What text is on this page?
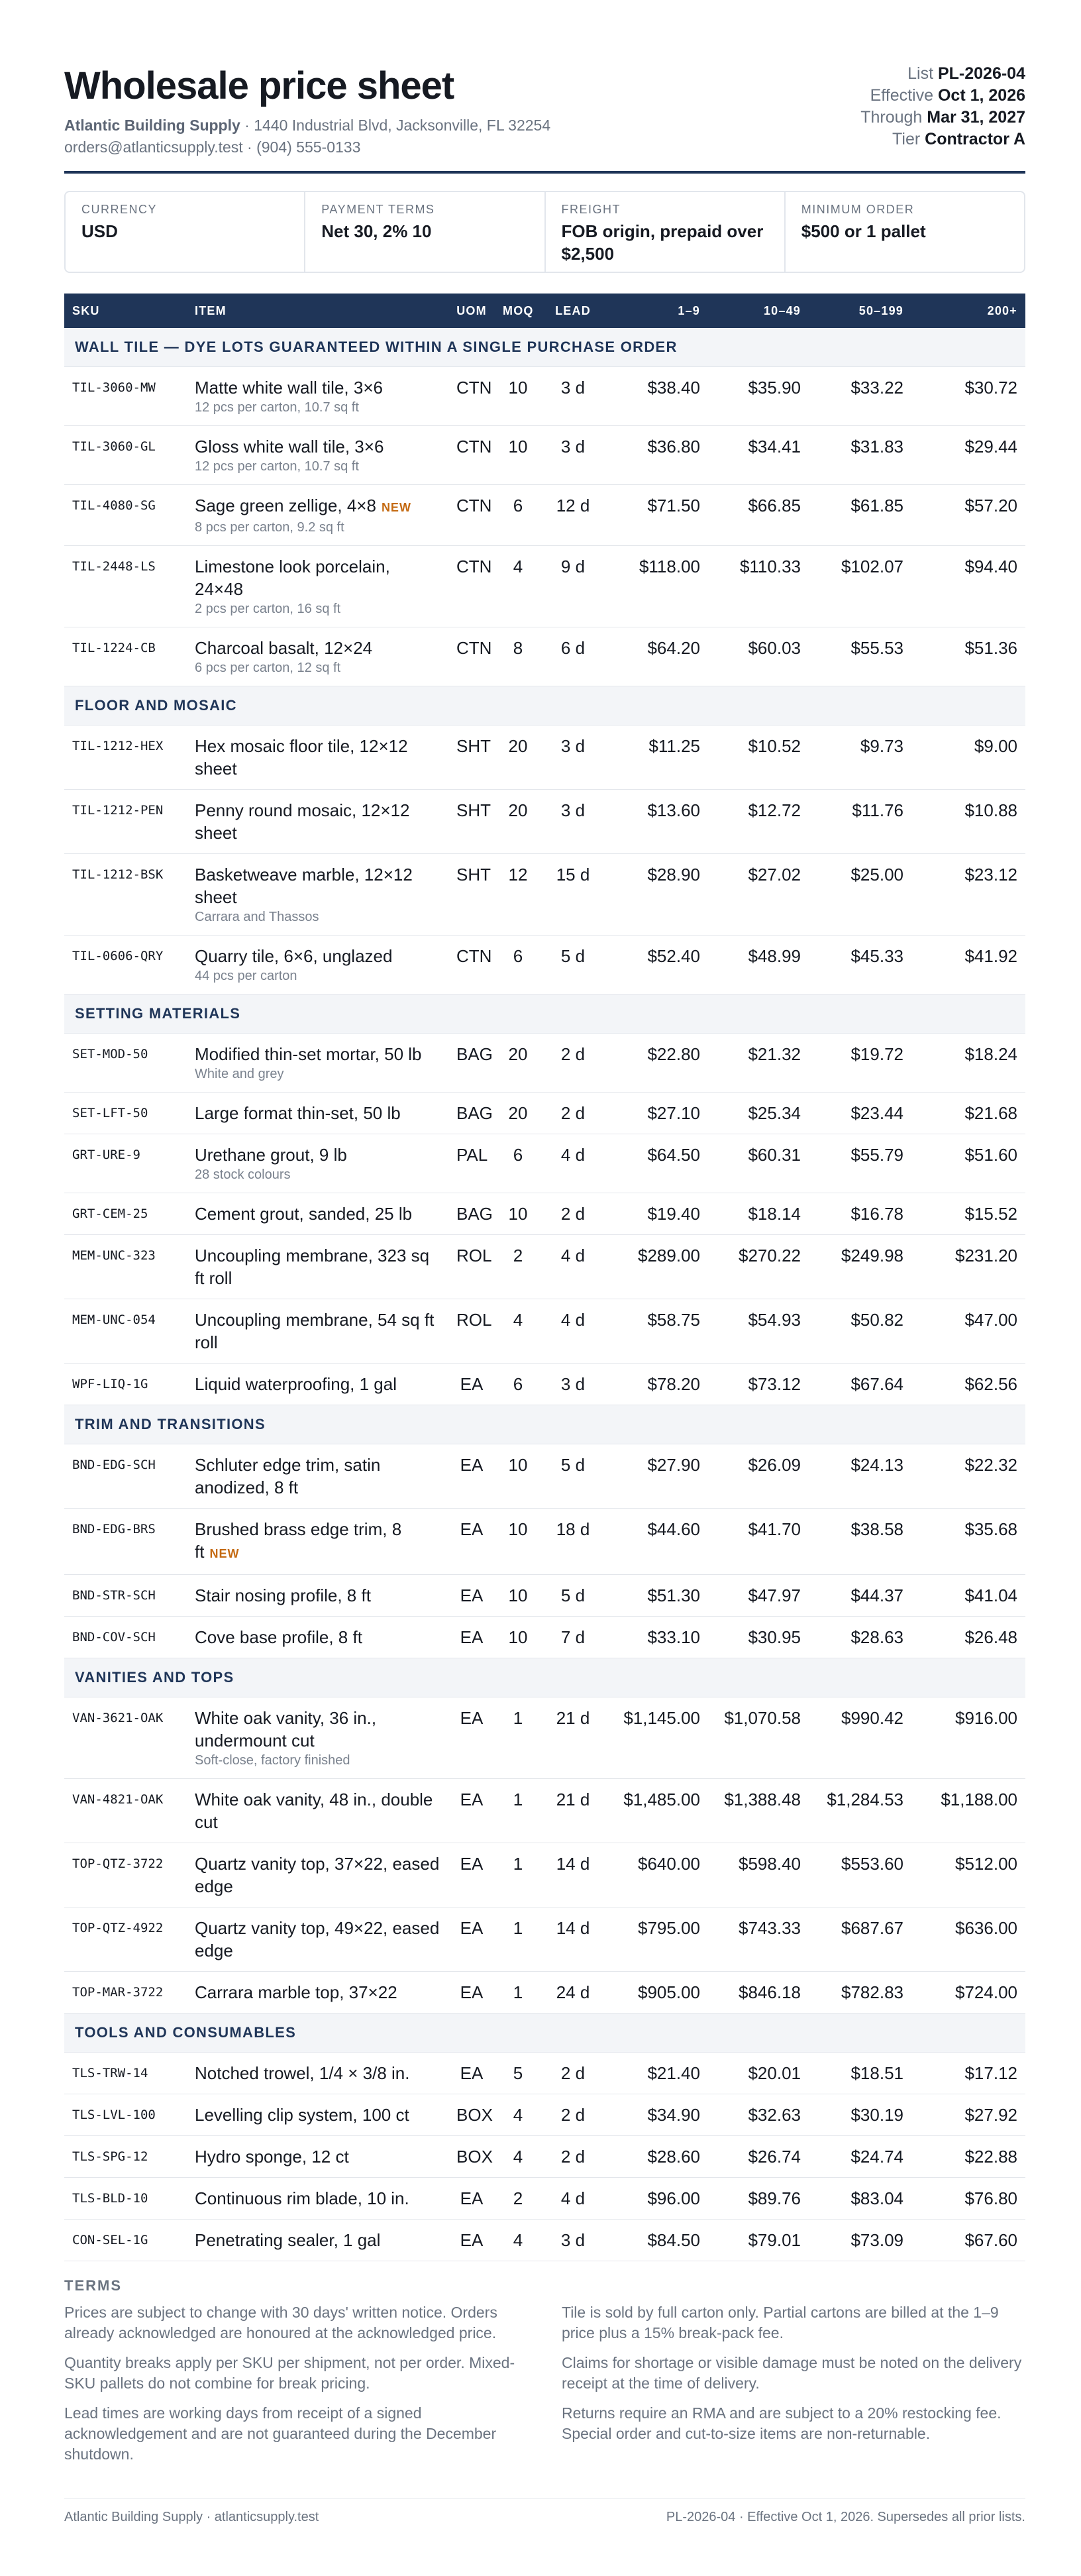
Wholesale price sheet
Atlantic Building Supply · 1440 Industrial Blvd, Jacksonville, FL 32254
orders@atlanticsupply.test · (904) 555-0133
List PL-2026-04
Effective Oct 1, 2026
Through Mar 31, 2027
Tier Contractor A
CURRENCY
USD
PAYMENT TERMS
Net 30, 2% 10
FREIGHT
FOB origin, prepaid over $2,500
MINIMUM ORDER
$500 or 1 pallet
SKU	ITEM	UOM	MOQ	LEAD	1–9	10–49	50–199	200+
WALL TILE — DYE LOTS GUARANTEED WITHIN A SINGLE PURCHASE ORDER								
TIL-3060-MW	Matte white wall tile, 3×6
12 pcs per carton, 10.7 sq ft	CTN	10	3 d	$38.40	$35.90	$33.22	$30.72
TIL-3060-GL	Gloss white wall tile, 3×6
12 pcs per carton, 10.7 sq ft	CTN	10	3 d	$36.80	$34.41	$31.83	$29.44
TIL-4080-SG	Sage green zellige, 4×8 NEW
8 pcs per carton, 9.2 sq ft	CTN	6	12 d	$71.50	$66.85	$61.85	$57.20
TIL-2448-LS	Limestone look porcelain, 24×48
2 pcs per carton, 16 sq ft	CTN	4	9 d	$118.00	$110.33	$102.07	$94.40
TIL-1224-CB	Charcoal basalt, 12×24
6 pcs per carton, 12 sq ft	CTN	8	6 d	$64.20	$60.03	$55.53	$51.36
FLOOR AND MOSAIC								
TIL-1212-HEX	Hex mosaic floor tile, 12×12 sheet	SHT	20	3 d	$11.25	$10.52	$9.73	$9.00
TIL-1212-PEN	Penny round mosaic, 12×12 sheet	SHT	20	3 d	$13.60	$12.72	$11.76	$10.88
TIL-1212-BSK	Basketweave marble, 12×12 sheet
Carrara and Thassos	SHT	12	15 d	$28.90	$27.02	$25.00	$23.12
TIL-0606-QRY	Quarry tile, 6×6, unglazed
44 pcs per carton	CTN	6	5 d	$52.40	$48.99	$45.33	$41.92
SETTING MATERIALS								
SET-MOD-50	Modified thin-set mortar, 50 lb
White and grey	BAG	20	2 d	$22.80	$21.32	$19.72	$18.24
SET-LFT-50	Large format thin-set, 50 lb	BAG	20	2 d	$27.10	$25.34	$23.44	$21.68
GRT-URE-9	Urethane grout, 9 lb
28 stock colours	PAL	6	4 d	$64.50	$60.31	$55.79	$51.60
GRT-CEM-25	Cement grout, sanded, 25 lb	BAG	10	2 d	$19.40	$18.14	$16.78	$15.52
MEM-UNC-323	Uncoupling membrane, 323 sq ft roll	ROL	2	4 d	$289.00	$270.22	$249.98	$231.20
MEM-UNC-054	Uncoupling membrane, 54 sq ft roll	ROL	4	4 d	$58.75	$54.93	$50.82	$47.00
WPF-LIQ-1G	Liquid waterproofing, 1 gal	EA	6	3 d	$78.20	$73.12	$67.64	$62.56
TRIM AND TRANSITIONS								
BND-EDG-SCH	Schluter edge trim, satin anodized, 8 ft	EA	10	5 d	$27.90	$26.09	$24.13	$22.32
BND-EDG-BRS	Brushed brass edge trim, 8 ft NEW	EA	10	18 d	$44.60	$41.70	$38.58	$35.68
BND-STR-SCH	Stair nosing profile, 8 ft	EA	10	5 d	$51.30	$47.97	$44.37	$41.04
BND-COV-SCH	Cove base profile, 8 ft	EA	10	7 d	$33.10	$30.95	$28.63	$26.48
VANITIES AND TOPS								
VAN-3621-OAK	White oak vanity, 36 in., undermount cut
Soft-close, factory finished	EA	1	21 d	$1,145.00	$1,070.58	$990.42	$916.00
VAN-4821-OAK	White oak vanity, 48 in., double cut	EA	1	21 d	$1,485.00	$1,388.48	$1,284.53	$1,188.00
TOP-QTZ-3722	Quartz vanity top, 37×22, eased edge	EA	1	14 d	$640.00	$598.40	$553.60	$512.00
TOP-QTZ-4922	Quartz vanity top, 49×22, eased edge	EA	1	14 d	$795.00	$743.33	$687.67	$636.00
TOP-MAR-3722	Carrara marble top, 37×22	EA	1	24 d	$905.00	$846.18	$782.83	$724.00
TOOLS AND CONSUMABLES								
TLS-TRW-14	Notched trowel, 1/4 × 3/8 in.	EA	5	2 d	$21.40	$20.01	$18.51	$17.12
TLS-LVL-100	Levelling clip system, 100 ct	BOX	4	2 d	$34.90	$32.63	$30.19	$27.92
TLS-SPG-12	Hydro sponge, 12 ct	BOX	4	2 d	$28.60	$26.74	$24.74	$22.88
TLS-BLD-10	Continuous rim blade, 10 in.	EA	2	4 d	$96.00	$89.76	$83.04	$76.80
CON-SEL-1G	Penetrating sealer, 1 gal	EA	4	3 d	$84.50	$79.01	$73.09	$67.60
TERMS

Prices are subject to change with 30 days' written notice. Orders already acknowledged are honoured at the acknowledged price.

Quantity breaks apply per SKU per shipment, not per order. Mixed-SKU pallets do not combine for break pricing.

Lead times are working days from receipt of a signed acknowledgement and are not guaranteed during the December shutdown.

Tile is sold by full carton only. Partial cartons are billed at the 1–9 price plus a 15% break-pack fee.

Claims for shortage or visible damage must be noted on the delivery receipt at the time of delivery.

Returns require an RMA and are subject to a 20% restocking fee. Special order and cut-to-size items are non-returnable.

Atlantic Building Supply · atlanticsupply.test	PL-2026-04 · Effective Oct 1, 2026. Supersedes all prior lists.
